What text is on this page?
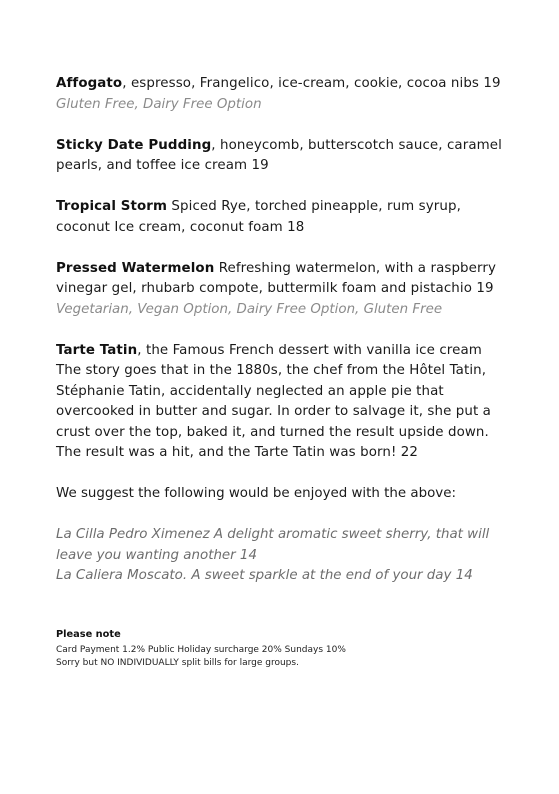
Affogato, espresso, Frangelico, ice-cream, cookie, cocoa nibs 19

Gluten Free, Dairy Free Option

Sticky Date Pudding, honeycomb, butterscotch sauce, caramel

pearls, and toffee ice cream 19

Tropical Storm Spiced Rye, torched pineapple, rum syrup,

coconut Ice cream, coconut foam 18

Pressed Watermelon Refreshing watermelon, with a raspberry

vinegar gel, rhubarb compote, buttermilk foam and pistachio 19

Vegetarian, Vegan Option, Dairy Free Option, Gluten Free

Tarte Tatin, the Famous French dessert with vanilla ice cream

The story goes that in the 1880s, the chef from the Hôtel Tatin,

Stéphanie Tatin, accidentally neglected an apple pie that

overcooked in butter and sugar. In order to salvage it, she put a

crust over the top, baked it, and turned the result upside down.

The result was a hit, and the Tarte Tatin was born! 22

We suggest the following would be enjoyed with the above:

La Cilla Pedro Ximenez A delight aromatic sweet sherry, that will

leave you wanting another 14

La Caliera Moscato. A sweet sparkle at the end of your day 14

Please note

Card Payment 1.2% Public Holiday surcharge 20% Sundays 10%

Sorry but NO INDIVIDUALLY split bills for large groups.
